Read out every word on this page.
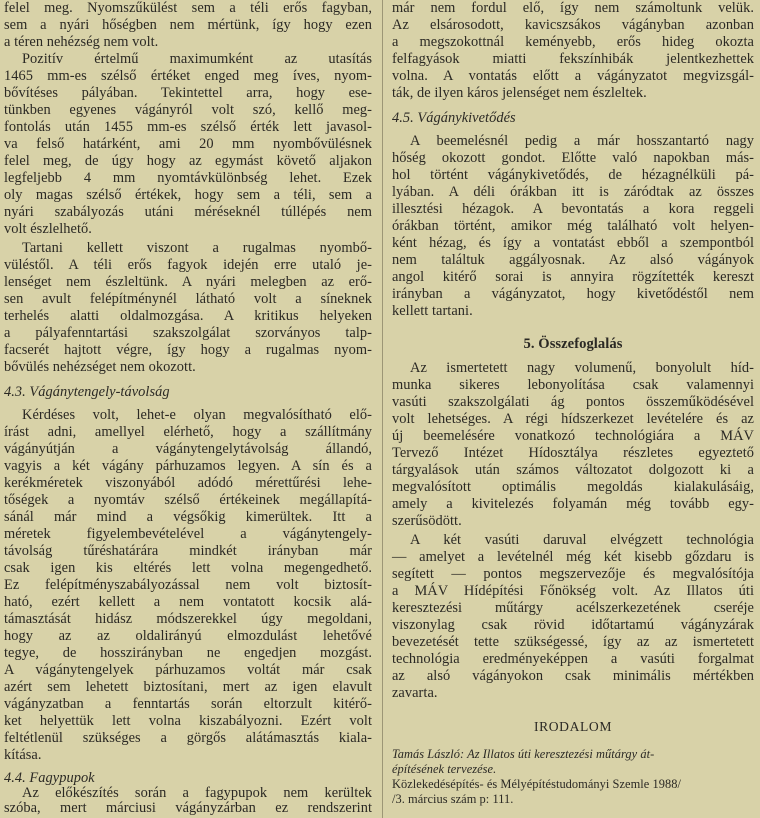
felel meg. Nyomszűkülést sem a téli erős fagyban,
sem a nyári hőségben nem mértünk, így hogy ezen
a téren nehézség nem volt.
Pozitív értelmű maximumként az utasítás
1465 mm-es szélső értéket enged meg íves, nyom-
bővítéses pályában. Tekintettel arra, hogy ese-
tünkben egyenes vágányról volt szó, kellő meg-
fontolás után 1455 mm-es szélső érték lett javasol-
va felső határként, ami 20 mm nyombővülésnek
felel meg, de úgy hogy az egymást követő aljakon
legfeljebb 4 mm nyomtávkülönbség lehet. Ezek
oly magas szélső értékek, hogy sem a téli, sem a
nyári szabályozás utáni méréseknél túllépés nem
volt észlelhető.
Tartani kellett viszont a rugalmas nyombő-
vüléstől. A téli erős fagyok idején erre utaló je-
lenséget nem észleltünk. A nyári melegben az erő-
sen avult felépítménynél látható volt a síneknek
terhelés alatti oldalmozgása. A kritikus helyeken
a pályafenntartási szakszolgálat szorványos talp-
facserét hajtott végre, így hogy a rugalmas nyom-
bővülés nehézséget nem okozott.
4.3. Vágánytengely-távolság
Kérdéses volt, lehet-e olyan megvalósítható elő-
írást adni, amellyel elérhető, hogy a szállítmány
vágányútján a vágánytengelytávolság állandó,
vagyis a két vágány párhuzamos legyen. A sín és a
kerékméretek viszonyából adódó mérettűrési lehe-
tőségek a nyomtáv szélső értékeinek megállapítá-
sánál már mind a végsőkig kimerültek. Itt a
méretek figyelembevételével a vágánytengely-
távolság tűréshatárára mindkét irányban már
csak igen kis eltérés lett volna megengedhető.
Ez felépítményszabályozással nem volt biztosít-
ható, ezért kellett a nem vontatott kocsik alá-
támasztását hidász módszerekkel úgy megoldani,
hogy az az oldalirányú elmozdulást lehetővé
tegye, de hosszirányban ne engedjen mozgást.
A vágánytengelyek párhuzamos voltát már csak
azért sem lehetett biztosítani, mert az igen elavult
vágányzatban a fenntartás során eltorzult kitérő-
ket helyettük lett volna kiszabályozni. Ezért volt
feltétlenül szükséges a görgős alátámasztás kiala-
kítása.
4.4. Fagypupok
Az előkészítés során a fagypupok nem kerültek
szóba, mert márciusi vágányzárban ez rendszerint
már nem fordul elő, így nem számoltunk velük.
Az elsárosodott, kavicszsákos vágányban azonban
a megszokottnál keményebb, erős hideg okozta
felfagyások miatti fekszínhibák jelentkezhettek
volna. A vontatás előtt a vágányzatot megvizsgál-
ták, de ilyen káros jelenséget nem észleltek.
4.5. Vágánykivetődés
A beemelésnél pedig a már hosszantartó nagy
hőség okozott gondot. Előtte való napokban más-
hol történt vágánykivetődés, de hézagnélküli pá-
lyában. A déli órákban itt is záródtak az összes
illesztési hézagok. A bevontatás a kora reggeli
órákban történt, amikor még található volt helyen-
ként hézag, és így a vontatást ebből a szempontból
nem találtuk aggályosnak. Az alsó vágányok
angol kitérő sorai is annyira rögzítették kereszt
irányban a vágányzatot, hogy kivetődéstől nem
kellett tartani.
5. Összefoglalás
Az ismertetett nagy volumenű, bonyolult híd-
munka sikeres lebonyolítása csak valamennyi
vasúti szakszolgálati ág pontos összeműködésével
volt lehetséges. A régi hídszerkezet levételére és az
új beemelésére vonatkozó technológiára a MÁV
Tervező Intézet Hídosztálya részletes egyeztető
tárgyalások után számos változatot dolgozott ki a
megvalósított optimális megoldás kialakulásáig,
amely a kivitelezés folyamán még tovább egy-
szerűsödött.
A két vasúti daruval elvégzett technológia
— amelyet a levételnél még két kisebb gőzdaru is
segített — pontos megszervezője és megvalósítója
a MÁV Hídépítési Főnökség volt. Az Illatos úti
keresztezési műtárgy acélszerkezetének cseréje
viszonylag csak rövid időtartamú vágányzárak
bevezetését tette szükségessé, így az az ismertetett
technológia eredményeképpen a vasúti forgalmat
az alsó vágányokon csak minimális mértékben
zavarta.
IRODALOM
Tamás László: Az Illatos úti keresztezési műtárgy át-
építésének tervezése.
Közlekedésépítés- és Mélyépítéstudományi Szemle 1988/
/3. március szám p: 111.
